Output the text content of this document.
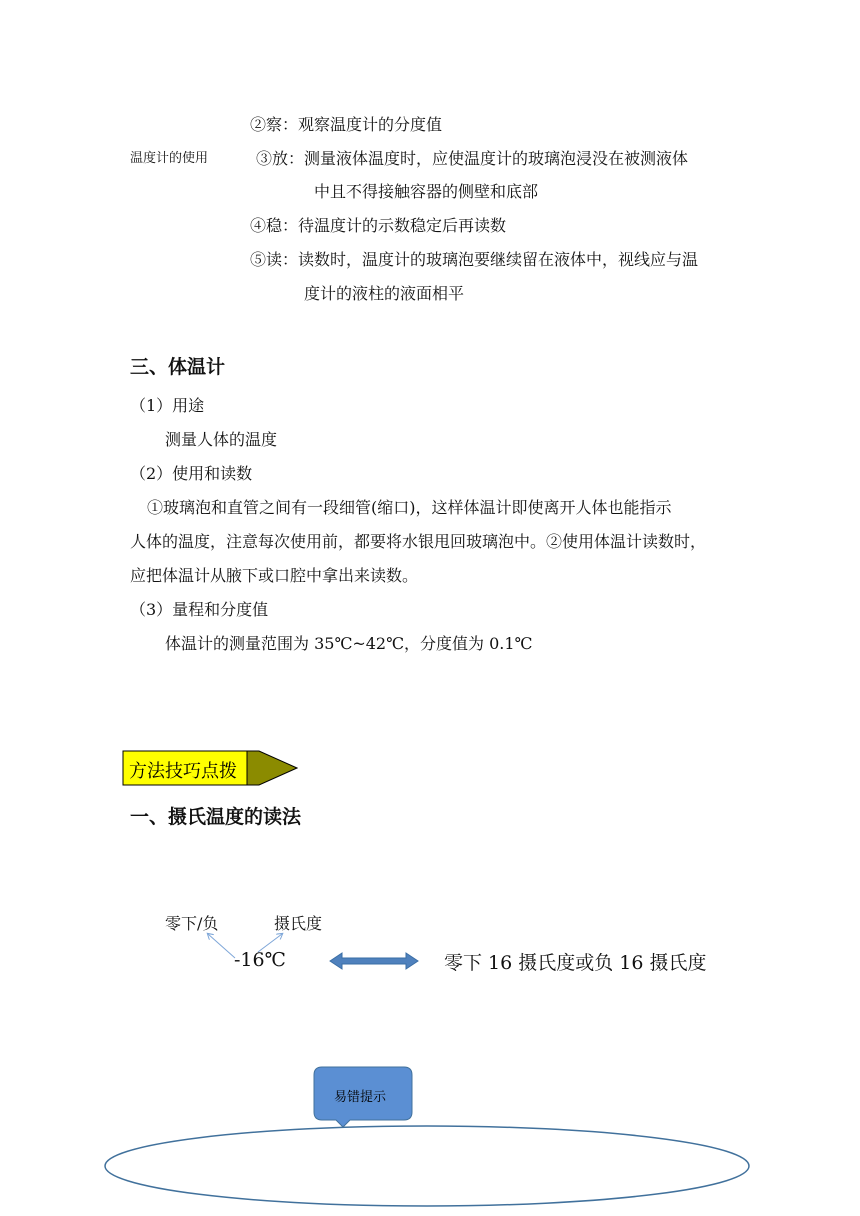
②察：观察温度计的分度值
温度计的使用	③放：测量液体温度时，应使温度计的玻璃泡浸没在被测液体
中且不得接触容器的侧壁和底部
④稳：待温度计的示数稳定后再读数
⑤读：读数时，温度计的玻璃泡要继续留在液体中，视线应与温
度计的液柱的液面相平
三、体温计
（1）用途
测量人体的温度
（2）使用和读数
①玻璃泡和直管之间有一段细管(缩口)，这样体温计即使离开人体也能指示
人体的温度，注意每次使用前，都要将水银甩回玻璃泡中。②使用体温计读数时，
应把体温计从腋下或口腔中拿出来读数。
（3）量程和分度值
体温计的测量范围为 35℃~42℃，分度值为 0.1℃
方法技巧点拨
一、摄氏温度的读法
零下/负	摄氏度
-16℃	零下 16 摄氏度或负 16 摄氏度
易错提示
